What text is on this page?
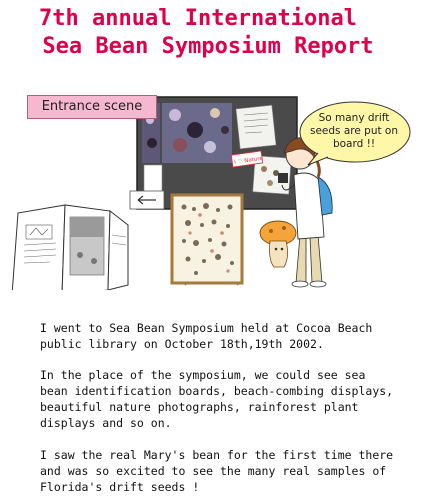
7th annual International
Sea Bean Symposium Report
I ♡ Nature
Entrance scene
So many drift seeds are put on board !!

I went to Sea Bean Symposium held at Cocoa Beach public library on October 18th,19th 2002.

In the place of the symposium, we could see sea bean identification boards, beach-combing displays, beautiful nature photographs, rainforest plant displays and so on.

I saw the real Mary's bean for the first time there and was so excited to see the many real samples of Florida's drift seeds !
